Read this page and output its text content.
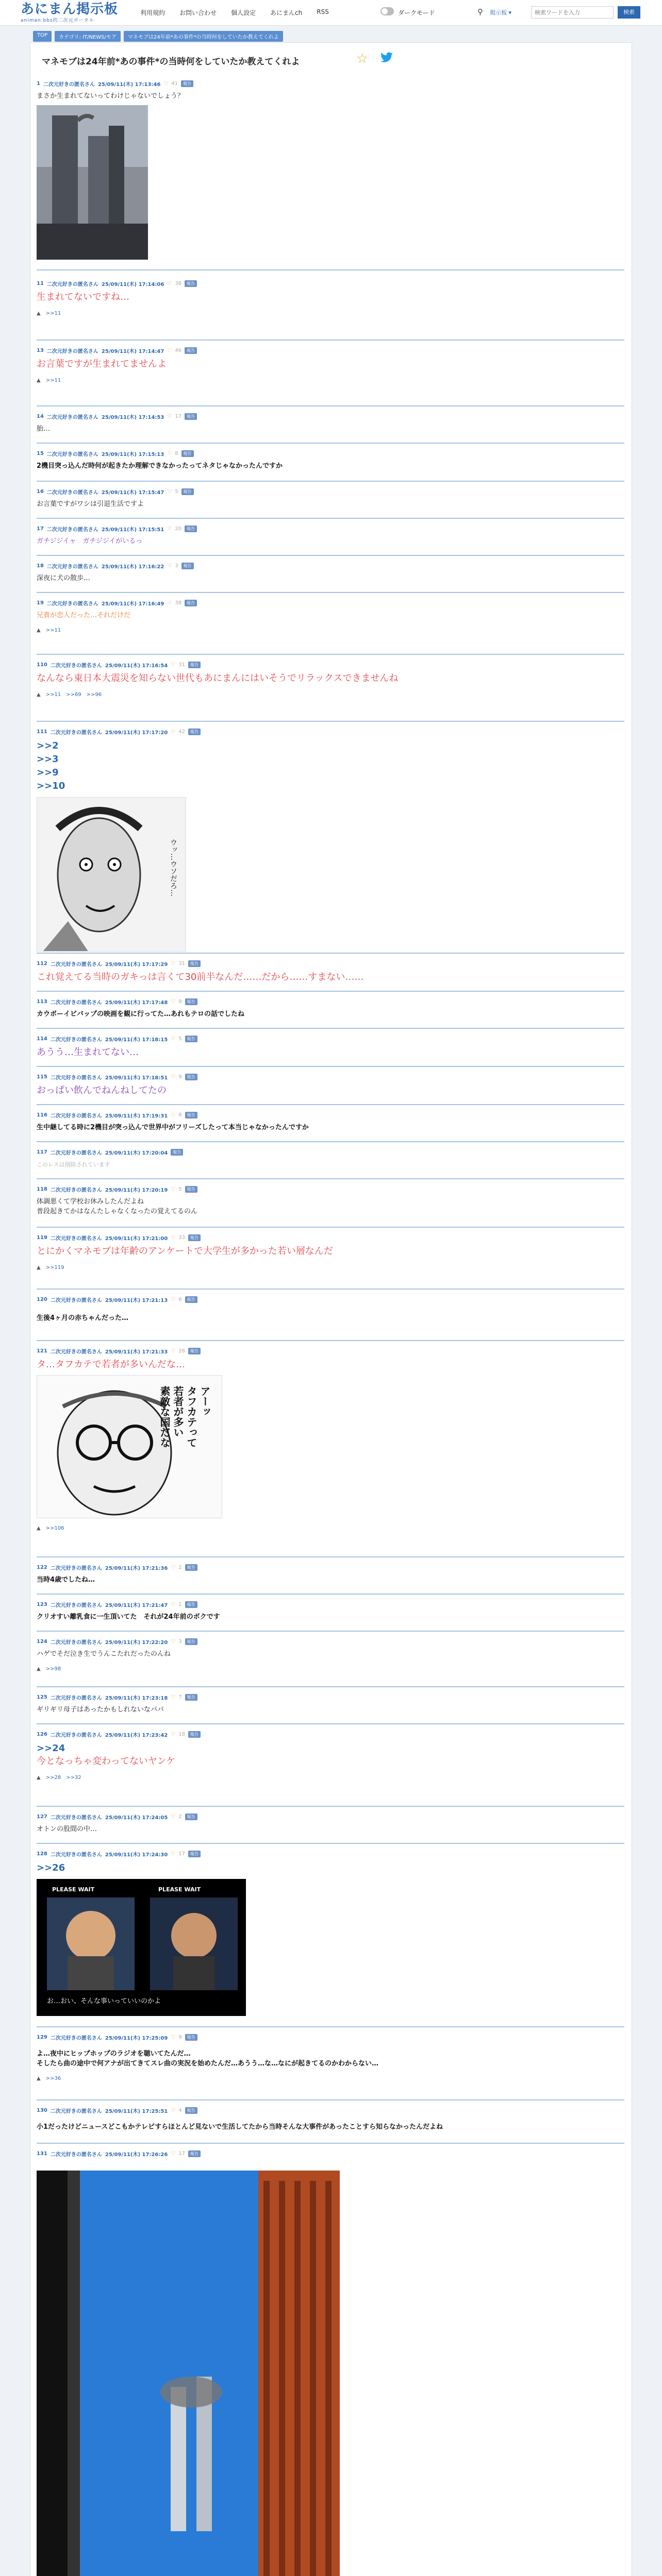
あにまん掲示板
animan bbs的二次元ポータル
利用規約 お問い合わせ 個人設定 あにまんch RSS	ダークモード	⚲ 掲示板 ▾
検索ワードを入力	検索
TOP	カテゴリ: IT/NEWS/モア	マネモブは24年前*あの事件*の当時何をしていたか教えてくれよ
マネモブは24年前*あの事件*の当時何をしていたか教えてくれよ	☆
1 二次元好きの匿名さん 25/09/11(木) 17:13:46 ♡ 41	報告
まさか生まれてないってわけじゃないでしょう？
11 二次元好きの匿名さん 25/09/11(木) 17:14:06 ♡ 38	報告
生まれてないですね…
▲ >>11
13 二次元好きの匿名さん 25/09/11(木) 17:14:47 ♡ 46	報告
お言葉ですが生まれてませんよ
▲ >>11
14 二次元好きの匿名さん 25/09/11(木) 17:14:53 ♡ 17	報告
胎…
15 二次元好きの匿名さん 25/09/11(木) 17:15:13 ♡ 8	報告
2機目突っ込んだ時何が起きたか理解できなかったってネタじゃなかったんですか
16 二次元好きの匿名さん 25/09/11(木) 17:15:47 ♡ 5	報告
お言葉ですがワシは引退生活ですよ
17 二次元好きの匿名さん 25/09/11(木) 17:15:51 ♡ 20	報告
ガチジジイャ　ガチジジイがいるっ
18 二次元好きの匿名さん 25/09/11(木) 17:16:22 ♡ 3	報告
深夜に犬の散歩…
19 二次元好きの匿名さん 25/09/11(木) 17:16:49 ♡ 38	報告
兄貴が恋人だった…それだけだ
▲ >>11
110 二次元好きの匿名さん 25/09/11(木) 17:16:54 ♡ 31	報告
なんなら東日本大震災を知らない世代もあにまんにはいそうでリラックスできませんね
▲ >>11 >>69 >>96
111 二次元好きの匿名さん 25/09/11(木) 17:17:20 ♡ 42	報告
>>2
>>3
>>9
>>10
ウッ…ウソだろ…
112 二次元好きの匿名さん 25/09/11(木) 17:17:29 ♡ 31	報告
これ覚えてる当時のガキっは言くて30前半なんだ……だから……すまない……
113 二次元好きの匿名さん 25/09/11(木) 17:17:48 ♡ 9	報告
カウボーイビバップの映画を観に行ってた…あれもテロの話でしたね
114 二次元好きの匿名さん 25/09/11(木) 17:18:15 ♡ 5	報告
あうう…生まれてない…
115 二次元好きの匿名さん 25/09/11(木) 17:18:51 ♡ 9	報告
おっぱい飲んでねんねしてたの
116 二次元好きの匿名さん 25/09/11(木) 17:19:31 ♡ 8	報告
生中継してる時に2機目が突っ込んで世界中がフリーズしたって本当じゃなかったんですか
117 二次元好きの匿名さん 25/09/11(木) 17:20:04	報告
このレスは削除されています
118 二次元好きの匿名さん 25/09/11(木) 17:20:19 ♡ 5	報告
体調悪くて学校お休みしたんだよね
普段起きてかはなんたしゃなくなったの覚えてるのん
119 二次元好きの匿名さん 25/09/11(木) 17:21:00 ♡ 33	報告
とにかくマネモブは年齢のアンケートで大学生が多かった若い層なんだ
▲ >>119
120 二次元好きの匿名さん 25/09/11(木) 17:21:13 ♡ 6	報告
生後4ヶ月の赤ちゃんだった…
121 二次元好きの匿名さん 25/09/11(木) 17:21:33 ♡ 26	報告
タ…タフカテで若者が多いんだな…
アーッ
タフカテって
若者が多い
素敵な国だな
▲ >>106
122 二次元好きの匿名さん 25/09/11(木) 17:21:36 ♡ 2	報告
当時4歳でしたね…
123 二次元好きの匿名さん 25/09/11(木) 17:21:47 ♡ 1	報告
クリオすい離乳食に一生頂いてた　それが24年前のボクです
124 二次元好きの匿名さん 25/09/11(木) 17:22:20 ♡ 3	報告
ハゲでそだ泣き生でうんこたれだったのんね
▲ >>98
125 二次元好きの匿名さん 25/09/11(木) 17:23:18 ♡ 7	報告
ギリギリ母子はあったかもしれないなパパ
126 二次元好きの匿名さん 25/09/11(木) 17:23:42 ♡ 18	報告
>>24
今となっちゃ変わってないヤンケ
▲ >>28 >>32
127 二次元好きの匿名さん 25/09/11(木) 17:24:05 ♡ 2	報告
オトンの股間の中…
128 二次元好きの匿名さん 25/09/11(木) 17:24:30 ♡ 17	報告
>>26
PLEASE WAIT	PLEASE WAIT
お…おい、そんな事いっていいのかよ
129 二次元好きの匿名さん 25/09/11(木) 17:25:09 ♡ 9	報告
よ…夜中にヒップホップのラジオを聴いてたんだ…
そしたら曲の途中で何アナが出てきてスレ曲の実況を始めたんだ…あうう…な…なにが起きてるのかわからない…
▲ >>36
130 二次元好きの匿名さん 25/09/11(木) 17:25:51 ♡ 4	報告
小1だったけどニュースどこもかテレビすらほとんど見ないで生活してたから当時そんな大事件があったことすら知らなかったんだよね
131 二次元好きの匿名さん 25/09/11(木) 17:26:26 ♡ 17	報告
